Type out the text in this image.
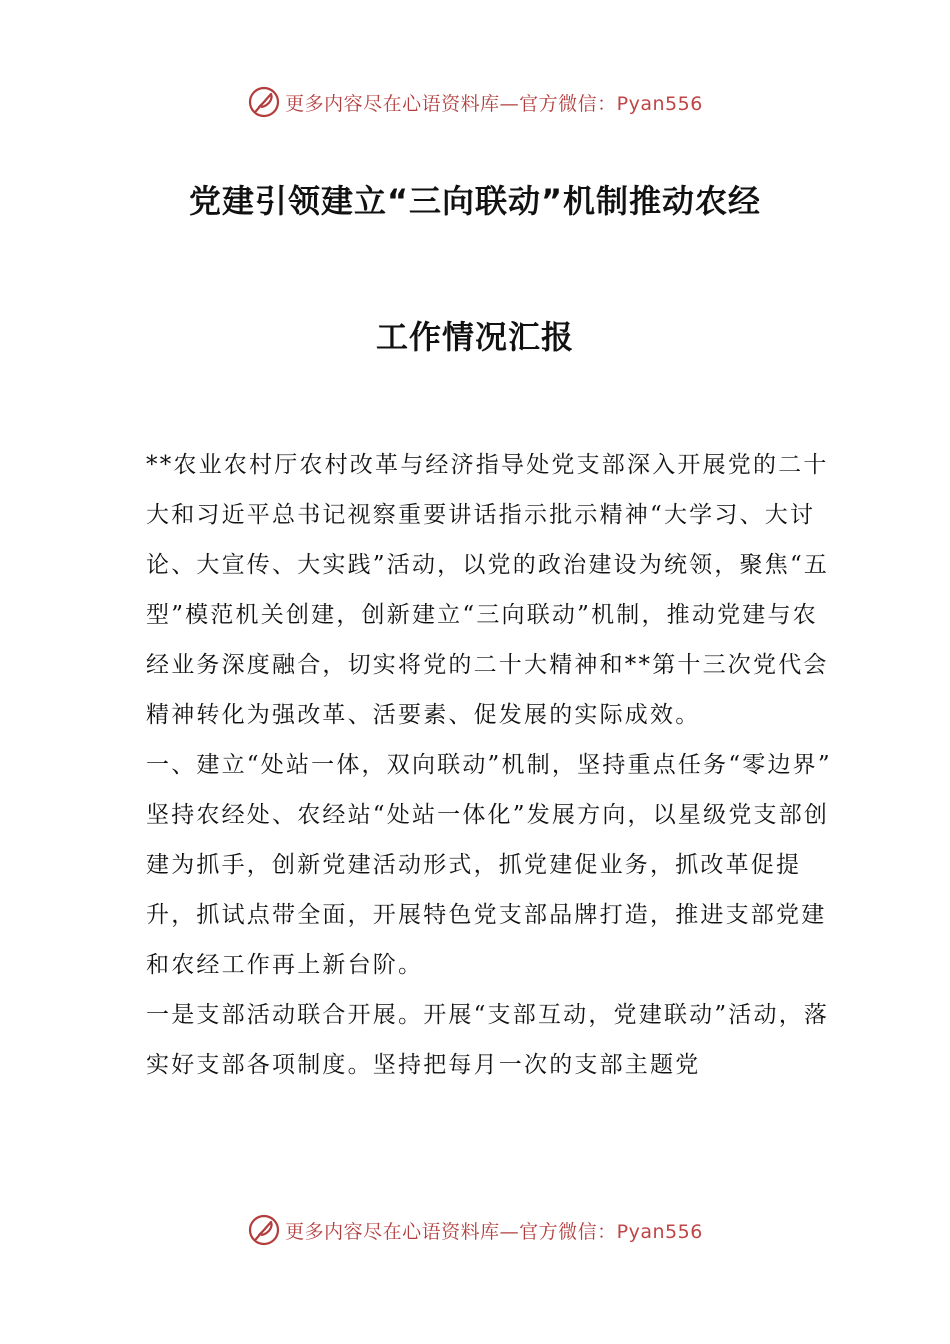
更多内容尽在心语资料库—官方微信：Pyan556
党建引领建立“三向联动”机制推动农经
工作情况汇报

**农业农村厅农村改革与经济指导处党支部深入开展党的二十大和习近平总书记视察重要讲话指示批示精神“大学习、大讨论、大宣传、大实践”活动，以党的政治建设为统领，聚焦“五型”模范机关创建，创新建立“三向联动”机制，推动党建与农经业务深度融合，切实将党的二十大精神和**第十三次党代会精神转化为强改革、活要素、促发展的实际成效。

一、建立“处站一体，双向联动”机制，坚持重点任务“零边界”

坚持农经处、农经站“处站一体化”发展方向，以星级党支部创建为抓手，创新党建活动形式，抓党建促业务，抓改革促提升，抓试点带全面，开展特色党支部品牌打造，推进支部党建和农经工作再上新台阶。

一是支部活动联合开展。开展“支部互动，党建联动”活动，落实好支部各项制度。坚持把每月一次的支部主题党

更多内容尽在心语资料库—官方微信：Pyan556
